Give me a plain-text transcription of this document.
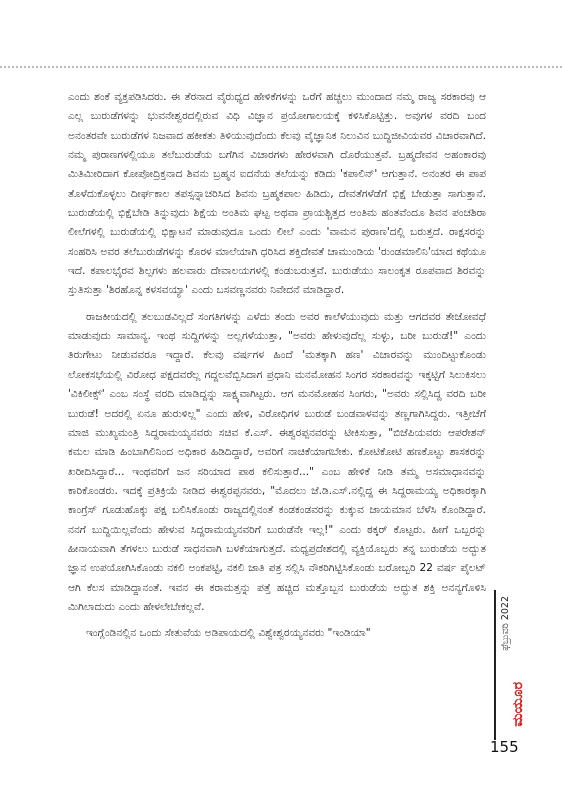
ಎಂದು ಶಂಕೆ ವ್ಯಕ್ತಪಡಿಸಿದರು. ಈ ತೆರನಾದ ವೈರುಧ್ಯದ ಹೇಳಿಕೆಗಳನ್ನು ಒರೆಗೆ ಹಚ್ಚಲು ಮುಂದಾದ ನಮ್ಮ ರಾಜ್ಯ ಸರಕಾರವು ಆ ಎಲ್ಲ ಬುರುಡೆಗಳನ್ನು ಭುವನೇಶ್ವರದಲ್ಲಿರುವ ವಿಧಿ ವಿಜ್ಞಾನ ಪ್ರಯೋಗಾಲಯಕ್ಕೆ ಕಳಿಸಿಕೊಟ್ಟಿತ್ತು. ಅವುಗಳ ವರದಿ ಬಂದ ಅನಂತರವೇ ಬುರುಡೆಗಳ ನಿಜವಾದ ಹಕೀಕತು ತಿಳಿಯುವುದೆಂದು ಕೆಲವು ವೈಜ್ಞಾನಿಕ ನಿಲುವಿನ ಬುದ್ಧಿಜೀವಿಯವರ ವಿಚಾರವಾಗಿದೆ. ನಮ್ಮ ಪುರಾಣಗಳಲ್ಲಿಯೂ ತಲೆಬುರುಡೆಯ ಬಗೆಗಿನ ವಿಚಾರಗಳು ಹೇರಳವಾಗಿ ದೊರೆಯುತ್ತವೆ. ಬ್ರಹ್ಮದೇವನ ಅಹಂಕಾರವು ಮಿತಿಮೀರಿದಾಗ ಕೋಪೋದ್ರಿಕ್ತನಾದ ಶಿವನು ಬ್ರಹ್ಮನ ಐದನೆಯ ತಲೆಯನ್ನು ಕಡಿದು 'ಕಪಾಲಿನ್' ಆಗುತ್ತಾನೆ. ಅನಂತರ ಈ ಪಾಪ ತೊಳೆದುಕೊಳ್ಳಲು ದೀರ್ಘಕಾಲ ತಪಸ್ಸನ್ನಾಚರಿಸಿದ ಶಿವನು ಬ್ರಹ್ಮಕಪಾಲ ಹಿಡಿದು, ದೇವತೆಗಳೆಡೆಗೆ ಭಿಕ್ಷೆ ಬೇಡುತ್ತಾ ಸಾಗುತ್ತಾನೆ. ಬುರುಡೆಯಲ್ಲಿ ಭಿಕ್ಷೆಬೇಡಿ ತಿನ್ನುವುದು ಶಿಕ್ಷೆಯ ಅಂತಿಮ ಘಟ್ಟ ಅಥವಾ ಪ್ರಾಯಶ್ಚಿತ್ತದ ಅಂತಿಮ ಹಂತವೆಂದೂ ಶಿವನ ಪಂಚಶಿರಾ ಲೀಲೆಗಳಲ್ಲಿ ಬುರುಡೆಯಲ್ಲಿ ಭಿಕ್ಷಾಟನೆ ಮಾಡುವುದೂ ಒಂದು ಲೀಲೆ ಎಂದು 'ವಾಮನ ಪುರಾಣ'ದಲ್ಲಿ ಬರುತ್ತದೆ. ರಾಕ್ಷಸರನ್ನು ಸಂಹರಿಸಿ ಅವರ ತಲೆಬುರುಡೆಗಳನ್ನು ಕೊರಳ ಮಾಲೆಯಾಗಿ ಧರಿಸಿದ ಶಕ್ತಿದೇವತೆ ಚಾಮುಂಡಿಯ 'ರುಂಡಮಾಲಿನಿ'ಯಾದ ಕಥೆಯೂ ಇದೆ. ಕಪಾಲಭೈರವ ಶಿಲ್ಪಗಳು ಹಲವಾರು ದೇವಾಲಯಗಳಲ್ಲಿ ಕಂಡುಬರುತ್ತವೆ. ಬುರುಡೆಯು ಸಾಲಂಕೃತ ರೂಪವಾದ ಶಿರವನ್ನು ಸ್ತುತಿಸುತ್ತಾ 'ಶಿರಹೊನ್ನ ಕಳಸವಯ್ಯಾ' ಎಂದು ಬಸವಣ್ಣನವರು ನಿವೇದನೆ ಮಾಡಿದ್ದಾರೆ.

ರಾಜಕೀಯದಲ್ಲಿ ತಲಬುಡವಿಲ್ಲದೆ ಸಂಗತಿಗಳನ್ನು ಎಳೆದು ತಂದು ಅವರ ಕಾಲೆಳೆಯುವುದು ಮತ್ತು ಆಗದವರ ತೇಜೋವಧೆ ಮಾಡುವುದು ಸಾಮಾನ್ಯ. ಇಂಥ ಸುದ್ದಿಗಳನ್ನು ಅಲ್ಲಗಳೆಯುತ್ತಾ, "ಅವರು ಹೇಳುವುದೆಲ್ಲ ಸುಳ್ಳು, ಬರೀ ಬುರುಡೆ!" ಎಂದು ತಿರುಗೇಟು ನೀಡುವವರೂ ಇದ್ದಾರೆ. ಕೆಲವು ವರ್ಷಗಳ ಹಿಂದೆ 'ಮತಕ್ಕಾಗಿ ಹಣ' ವಿಚಾರವನ್ನು ಮುಂದಿಟ್ಟುಕೊಂಡು ಲೋಕಸಭೆಯಲ್ಲಿ ವಿರೋಧ ಪಕ್ಷದವರೆಲ್ಲ ಗದ್ದಲವೆಬ್ಬಿಸಿದಾಗ ಪ್ರಧಾನಿ ಮನಮೋಹನ ಸಿಂಗರ ಸರಕಾರವನ್ನು ಇಕ್ಕಟ್ಟಿಗೆ ಸಿಲುಕಿಸಲು 'ವಿಕಿಲೀಕ್ಸ್' ಎಂಬ ಸಂಸ್ಥೆ ವರದಿ ಮಾಡಿದ್ದನ್ನು ಸಾಕ್ಷ್ಯವಾಗಿಟ್ಟರು. ಆಗ ಮನಮೋಹನ ಸಿಂಗರು, "ಅವರು ಸಲ್ಲಿಸಿದ್ದ ವರದಿ ಬರೀ ಬುರುಡೆ! ಅದರಲ್ಲಿ ಏನೂ ಹುರುಳಿಲ್ಲ" ಎಂದು ಹೇಳಿ, ವಿರೋಧಿಗಳ ಬುರುಡೆ ಬಂಡವಾಳವನ್ನು ತಣ್ಣಗಾಗಿಸಿದ್ದರು. ಇತ್ತೀಚೆಗೆ ಮಾಜಿ ಮುಖ್ಯಮಂತ್ರಿ ಸಿದ್ದರಾಮಯ್ಯನವರು ಸಚಿವ ಕೆ.ಎಸ್. ಈಶ್ವರಪ್ಪನವರನ್ನು ಟೀಕಿಸುತ್ತಾ, "ಬಿಜೆಪಿಯವರು ಆಪರೇಶನ್ ಕಮಲ ಮಾಡಿ ಹಿಂಬಾಗಿಲಿನಿಂದ ಅಧಿಕಾರ ಹಿಡಿದಿದ್ದಾರೆ, ಅವರಿಗೆ ನಾಚಿಕೆಯಾಗಬೇಕು. ಕೋಟಿಕೋಟಿ ಹಣಕೊಟ್ಟು ಶಾಸಕರನ್ನು ಖರೀದಿಸಿದ್ದಾರೆ... ಇಂಥವರಿಗೆ ಜನ ಸರಿಯಾದ ಪಾಠ ಕಲಿಸುತ್ತಾರೆ..." ಎಂಬ ಹೇಳಿಕೆ ನೀಡಿ ತಮ್ಮ ಅಸಮಾಧಾನವನ್ನು ಕಾರಿಕೊಂಡರು. ಇದಕ್ಕೆ ಪ್ರತಿಕ್ರಿಯೆ ನೀಡಿದ ಈಶ್ವರಪ್ಪನವರು, "ಮೊದಲು ಜೆ.ಡಿ.ಎಸ್.ನಲ್ಲಿದ್ದ ಈ ಸಿದ್ದರಾಮಯ್ಯ ಅಧಿಕಾರಕ್ಕಾಗಿ ಕಾಂಗ್ರೆಸ್ ಗೂಡುಹೊಕ್ಕು ಪಕ್ಷ ಬಲಿಸಿಕೊಂಡು ರಾಜ್ಯದಲ್ಲಿನಂತೆ ಕಂಡಕಂಡವರನ್ನು ಕುಕ್ಕುವ ಜಾಯಮಾನ ಬೆಳೆಸಿ ಕೊಂಡಿದ್ದಾರೆ. ನನಗೆ ಬುದ್ಧಿಯಿಲ್ಲವೆಂದು ಹೇಳುವ ಸಿದ್ದರಾಮಯ್ಯನವರಿಗೆ ಬುರುಡೆನೇ ಇಲ್ಲ!" ಎಂದು ಠಕ್ಕರ್ ಕೊಟ್ಟರು. ಹೀಗೆ ಒಬ್ಬರನ್ನು ಹೀನಾಯವಾಗಿ ತೆಗಳಲು ಬುರುಡೆ ಸಾಧನವಾಗಿ ಬಳಕೆಯಾಗುತ್ತದೆ. ಮಧ್ಯಪ್ರದೇಶದಲ್ಲಿ ವ್ಯಕ್ತಿಯೊಬ್ಬರು ತನ್ನ ಬುರುಡೆಯ ಅದ್ಭುತ ಜ್ಞಾನ ಉಪಯೋಗಿಸಿಕೊಂಡು ನಕಲಿ ಅಂಕಪಟ್ಟಿ, ನಕಲಿ ಜಾತಿ ಪತ್ರ ಸಲ್ಲಿಸಿ ನೌಕರಿಗಿಟ್ಟಿಸಿಕೊಂಡು ಬರೋಬ್ಬರಿ 22 ವರ್ಷ ಪೈಲಟ್ ಆಗಿ ಕೆಲಸ ಮಾಡಿದ್ದಾನಂತೆ. ಇವನ ಈ ಕರಾಮತ್ತನ್ನು ಪತ್ತೆ ಹಚ್ಚಿದ ಮತ್ತೊಬ್ಬನ ಬುರುಡೆಯ ಅದ್ಭುತ ಶಕ್ತಿ ಅನನ್ಯಗೊಳಿಸಿ ಮಿಗಿಲಾದುದು ಎಂದು ಹೇಳಲೇಬೇಕಲ್ಲವೆ.

ಇಂಗ್ಲೆಂಡಿನಲ್ಲಿನ ಒಂದು ಸೇತುವೆಯ ಅಡಿಪಾಯದಲ್ಲಿ ವಿಶ್ವೇಶ್ವರಯ್ಯನವರು "ಇಂಡಿಯಾ"	ಫೆಬ್ರುವರಿ 2022
ಮಯೂರ
155
